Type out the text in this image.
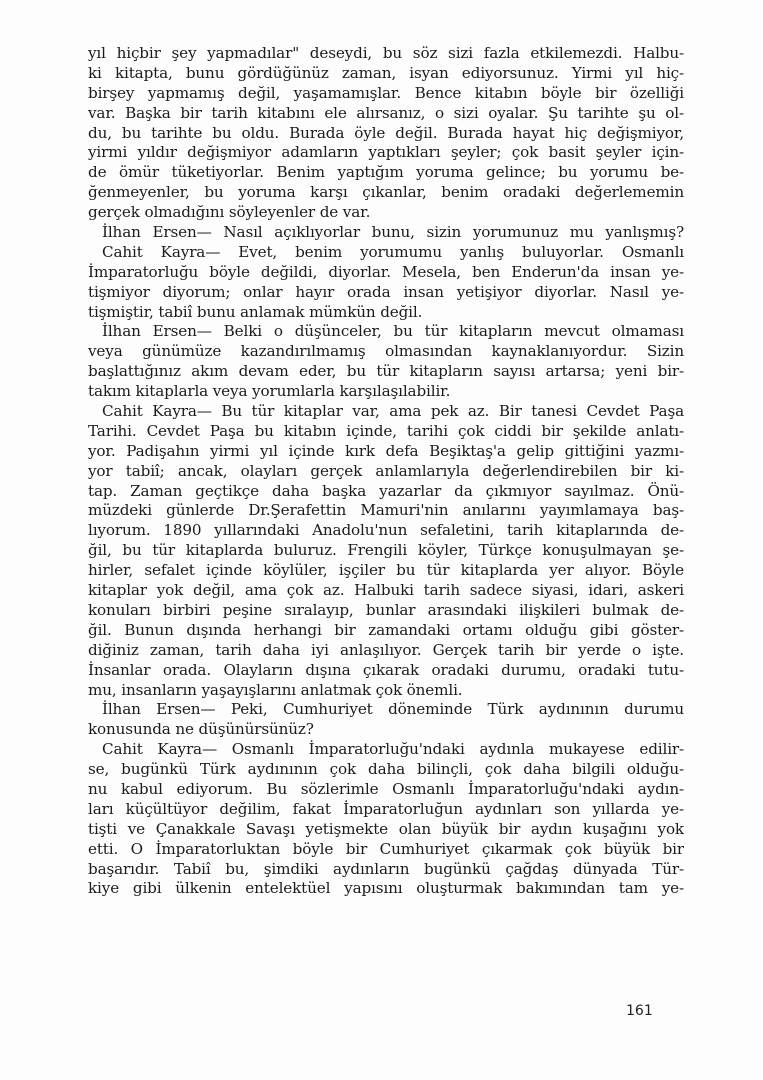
yıl hiçbir şey yapmadılar" deseydi, bu söz sizi fazla etkilemezdi. Halbu-
ki kitapta, bunu gördüğünüz zaman, isyan ediyorsunuz. Yirmi yıl hiç-
birşey yapmamış değil, yaşamamışlar. Bence kitabın böyle bir özelliği
var. Başka bir tarih kitabını ele alırsanız, o sizi oyalar. Şu tarihte şu ol-
du, bu tarihte bu oldu. Burada öyle değil. Burada hayat hiç değişmiyor,
yirmi yıldır değişmiyor adamların yaptıkları şeyler; çok basit şeyler için-
de ömür tüketiyorlar. Benim yaptığım yoruma gelince; bu yorumu be-
ğenmeyenler, bu yoruma karşı çıkanlar, benim oradaki değerlememin
gerçek olmadığını söyleyenler de var.
İlhan Ersen— Nasıl açıklıyorlar bunu, sizin yorumunuz mu yanlışmış?
Cahit Kayra— Evet, benim yorumumu yanlış buluyorlar. Osmanlı
İmparatorluğu böyle değildi, diyorlar. Mesela, ben Enderun'da insan ye-
tişmiyor diyorum; onlar hayır orada insan yetişiyor diyorlar. Nasıl ye-
tişmiştir, tabiî bunu anlamak mümkün değil.
İlhan Ersen— Belki o düşünceler, bu tür kitapların mevcut olmaması
veya günümüze kazandırılmamış olmasından kaynaklanıyordur. Sizin
başlattığınız akım devam eder, bu tür kitapların sayısı artarsa; yeni bir-
takım kitaplarla veya yorumlarla karşılaşılabilir.
Cahit Kayra— Bu tür kitaplar var, ama pek az. Bir tanesi Cevdet Paşa
Tarihi. Cevdet Paşa bu kitabın içinde, tarihi çok ciddi bir şekilde anlatı-
yor. Padişahın yirmi yıl içinde kırk defa Beşiktaş'a gelip gittiğini yazmı-
yor tabiî; ancak, olayları gerçek anlamlarıyla değerlendirebilen bir ki-
tap. Zaman geçtikçe daha başka yazarlar da çıkmıyor sayılmaz. Önü-
müzdeki günlerde Dr.Şerafettin Mamuri'nin anılarını yayımlamaya baş-
lıyorum. 1890 yıllarındaki Anadolu'nun sefaletini, tarih kitaplarında de-
ğil, bu tür kitaplarda buluruz. Frengili köyler, Türkçe konuşulmayan şe-
hirler, sefalet içinde köylüler, işçiler bu tür kitaplarda yer alıyor. Böyle
kitaplar yok değil, ama çok az. Halbuki tarih sadece siyasi, idari, askeri
konuları birbiri peşine sıralayıp, bunlar arasındaki ilişkileri bulmak de-
ğil. Bunun dışında herhangi bir zamandaki ortamı olduğu gibi göster-
diğiniz zaman, tarih daha iyi anlaşılıyor. Gerçek tarih bir yerde o işte.
İnsanlar orada. Olayların dışına çıkarak oradaki durumu, oradaki tutu-
mu, insanların yaşayışlarını anlatmak çok önemli.
İlhan Ersen— Peki, Cumhuriyet döneminde Türk aydınının durumu
konusunda ne düşünürsünüz?
Cahit Kayra— Osmanlı İmparatorluğu'ndaki aydınla mukayese edilir-
se, bugünkü Türk aydınının çok daha bilinçli, çok daha bilgili olduğu-
nu kabul ediyorum. Bu sözlerimle Osmanlı İmparatorluğu'ndaki aydın-
ları küçültüyor değilim, fakat İmparatorluğun aydınları son yıllarda ye-
tişti ve Çanakkale Savaşı yetişmekte olan büyük bir aydın kuşağını yok
etti. O İmparatorluktan böyle bir Cumhuriyet çıkarmak çok büyük bir
başarıdır. Tabiî bu, şimdiki aydınların bugünkü çağdaş dünyada Tür-
kiye gibi ülkenin entelektüel yapısını oluşturmak bakımından tam ye-
161
